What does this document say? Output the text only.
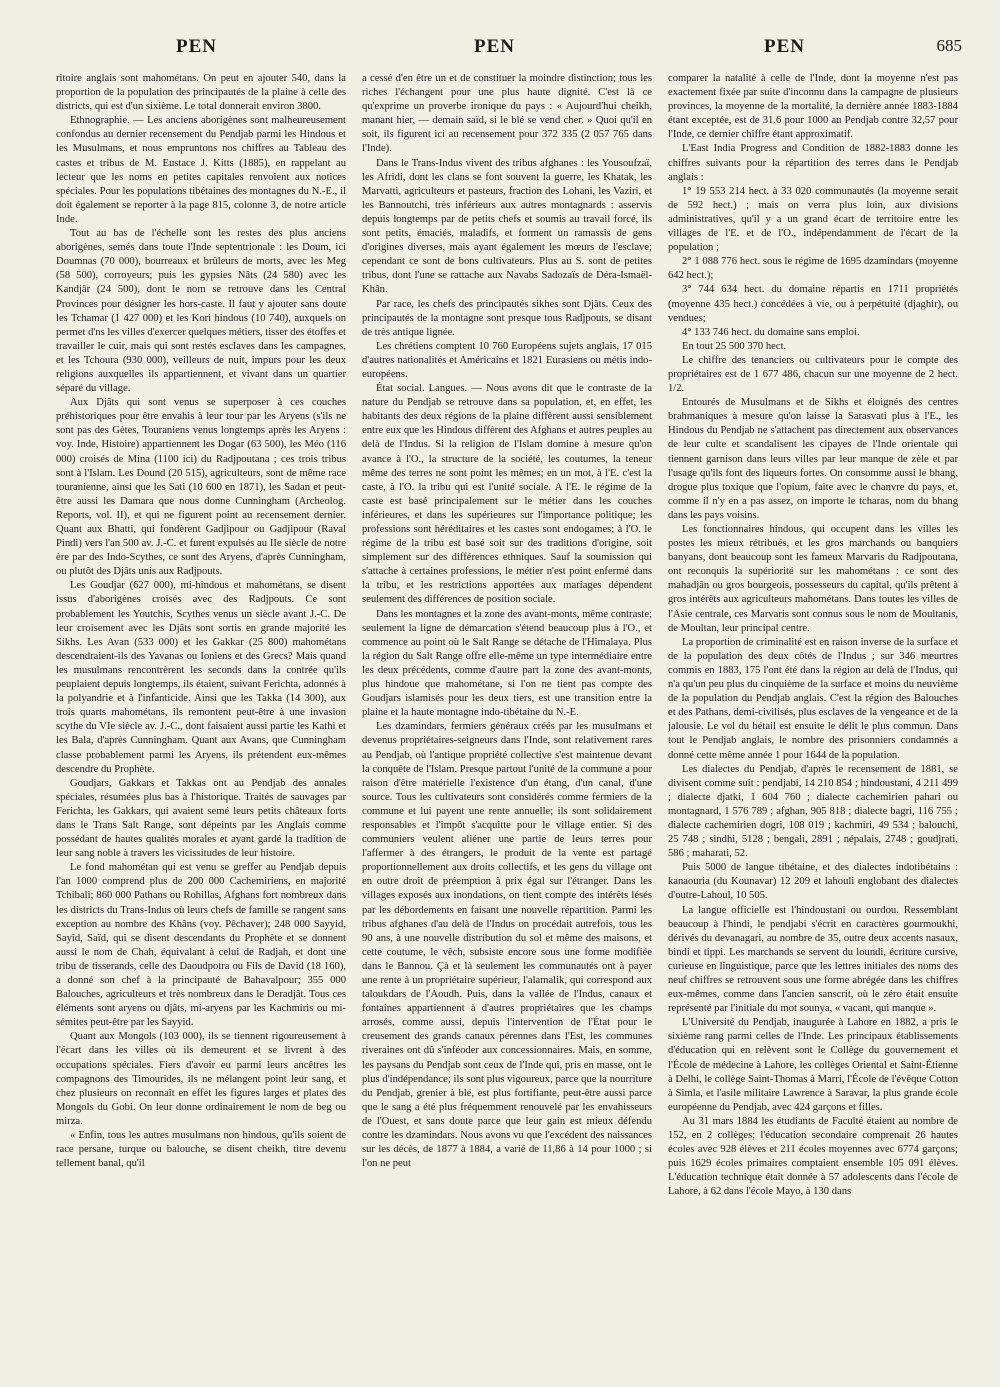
PEN	PEN	PEN	685

ritoire anglais sont mahométans. On peut en ajouter 540, dans la proportion de la population des principautés de la plaine à celle des districts, qui est d'un sixième. Le total donnerait environ 3800.

Ethnographie. — Les anciens aborigènes sont malheureusement confondus au dernier recensement du Pendjab parmi les Hindous et les Musulmans, et nous empruntons nos chiffres au Tableau des castes et tribus de M. Eustace J. Kitts (1885), en rappelant au lecteur que les noms en petites capitales renvoient aux notices spéciales. Pour les populations tibétaines des montagnes du N.-E., il doit également se reporter à la page 815, colonne 3, de notre article Inde.

Tout au bas de l'échelle sont les restes des plus anciens aborigènes, semés dans toute l'Inde septentrionale : les Doum, ici Doumnas (70 000), bourreaux et brûleurs de morts, avec les Meg (58 500), corroyeurs; puis les gypsies Nâts (24 580) avec les Kandjâr (24 500), dont le nom se retrouve dans les Central Provinces pour désigner les hors-caste. Il faut y ajouter sans doute les Tchamar (1 427 000) et les Kori hindous (10 740), auxquels on permet d'ns les villes d'exercer quelques métiers, tisser des étoffes et travailler le cuir, mais qui sont restés esclaves dans les campagnes, et les Tchoura (930 000), veilleurs de nuit, impurs pour les deux religions auxquelles ils appartiennent, et vivant dans un quartier séparé du village.

Aux Djâts qui sont venus se superposer à ces couches préhistoriques pour être envahis à leur tour par les Aryens (s'ils ne sont pas des Gètes, Touraniens venus longtemps après les Aryens : voy. Inde, Histoire) appartiennent les Dogar (63 500), les Méo (116 000) croisés de Mina (1100 ici) du Radjpoutana ; ces trois tribus sont à l'Islam. Les Dound (20 515), agriculteurs, sont de même race touranienne, ainsi que les Sati (10 600 en 1871), les Sadan et peut-être aussi les Damara que nous donne Cunningham (Archeolog. Reports, vol. II), et qui ne figurent point au recensement dernier. Quant aux Bhatti, qui fondèrent Gadjipour ou Gadjipour (Raval Pindi) vers l'an 500 av. J.-C. et furent expulsés au IIe siècle de notre ère par des Indo-Scythes, ce sont des Aryens, d'après Cunningham, ou plutôt des Djâts unis aux Radjpouts.

Les Goudjar (627 000), mi-hindous et mahométans, se disent issus d'aborigènes croisés avec des Radjpouts. Ce sont probablement les Youtchis, Scythes venus un siècle avant J.-C. De leur croisement avec les Djâts sont sortis en grande majorité les Sikhs. Les Avan (533 000) et les Gakkar (25 800) mahométans descendraient-ils des Yavanas ou Ioniens et des Grecs? Mais quand les musulmans rencontrèrent les seconds dans la contrée qu'ils peuplaient depuis longtemps, ils étaient, suivant Ferichta, adonnés à la polyandrie et à l'infanticide. Ainsi que les Takka (14 300), aux trois quarts mahométans, ils remontent peut-être à une invasion scythe du VIe siècle av. J.-C., dont faisaient aussi partie les Kathi et les Bala, d'après Cunningham. Quant aux Avans, que Cunningham classe probablement parmi les Aryens, ils prétendent eux-mêmes descendre du Prophète.

Goudjars, Gakkars et Takkas ont au Pendjab des annales spéciales, résumées plus bas à l'historique. Traités de sauvages par Ferichta, les Gakkars, qui avaient semé leurs petits châteaux forts dans le Trans Salt Range, sont dépeints par les Anglais comme possédant de hautes qualités morales et ayant gardé la tradition de leur sang noble à travers les vicissitudes de leur histoire.

Le fond mahométan qui est venu se greffer au Pendjab depuis l'an 1000 comprend plus de 200 000 Cachemiriens, en majorité Tchibali; 860 000 Pathans ou Rohillas, Afghans fort nombreux dans les districts du Trans-Indus où leurs chefs de famille se rangent sans exception au nombre des Khâns (voy. Pêchaver); 248 000 Sayyid, Sayîd, Saïd, qui se disent descendants du Prophète et se donnent aussi le nom de Chah, équivalant à celui de Radjah, et dont une tribu de tisserands, celle des Daoudpotra ou Fils de David (18 160), a donné son chef à la principauté de Bahavalpour; 355 000 Balouches, agriculteurs et très nombreux dans le Deradjât. Tous ces éléments sont aryens ou djâts, mi-aryens par les Kachmiris ou mi-sémites peut-être par les Sayyid.

Quant aux Mongols (103 000), ils se tiennent rigoureusement à l'écart dans les villes où ils demeurent et se livrent à des occupations spéciales. Fiers d'avoir eu parmi leurs ancêtres les compagnons des Timourides, ils ne mélangent point leur sang, et chez plusieurs on reconnaît en effet les figures larges et plates des Mongols du Gobi. On leur donne ordinairement le nom de beg ou mirza.

« Enfin, tous les autres musulmans non hindous, qu'ils soient de race persane, turque ou balouche, se disent cheikh, titre devenu tellement banal, qu'il

a cessé d'en être un et de constituer la moindre distinction; tous les riches l'échangent pour une plus haute dignité. C'est là ce qu'exprime un proverbe ironique du pays : « Aujourd'hui cheikh, manant hier, — demain saïd, si le blé se vend cher. » Quoi qu'il en soit, ils figurent ici au recensement pour 372 335 (2 057 765 dans l'Inde).

Dans le Trans-Indus vivent des tribus afghanes : les Yousoufzaï, les Afridi, dont les clans se font souvent la guerre, les Khatak, les Marvatti, agriculteurs et pasteurs, fraction des Lohani, les Vaziri, et les Bannoutchi, très inférieurs aux autres montagnards : asservis depuis longtemps par de petits chefs et soumis au travail forcé, ils sont petits, émaciés, maladifs, et forment un ramassis de gens d'origines diverses, mais ayant également les mœurs de l'esclave; cependant ce sont de bons cultivateurs. Plus au S. sont de petites tribus, dont l'une se rattache aux Navabs Sadozaïs de Déra-Ismaël-Khân.

Par race, les chefs des principautés sikhes sont Djâts. Ceux des principautés de la montagne sont presque tous Radjpouts, se disant de très antique lignée.

Les chrétiens comptent 10 760 Européens sujets anglais, 17 015 d'autres nationalités et Américains et 1821 Eurasiens ou métis indo-européens.

État social. Langues. — Nous avons dit que le contraste de la nature du Pendjab se retrouve dans sa population, et, en effet, les habitants des deux régions de la plaine diffèrent aussi sensiblement entre eux que les Hindous diffèrent des Afghans et autres peuples au delà de l'Indus. Si la religion de l'Islam domine à mesure qu'on avance à l'O., la structure de la société, les coutumes, la teneur même des terres ne sont point les mêmes; en un mot, à l'E. c'est la caste, à l'O. la tribu qui est l'unité sociale. A l'E. le régime de la caste est basé principalement sur le métier dans les couches inférieures, et dans les supérieures sur l'importance politique; les professions sont héréditaires et les castes sont endogames; à l'O. le régime de la tribu est basé soit sur des traditions d'origine, soit simplement sur des différences ethniques. Sauf la soumission qui s'attache à certaines professions, le métier n'est point enfermé dans la tribu, et les restrictions apportées aux mariages dépendent seulement des différences de position sociale.

Dans les montagnes et la zone des avant-monts, même contraste; seulement la ligne de démarcation s'étend beaucoup plus à l'O., et commence au point où le Salt Range se détache de l'Himalaya. Plus la région du Salt Range offre elle-même un type intermédiaire entre les deux précédents, comme d'autre part la zone des avant-monts, plus hindoue que mahométane, si l'on ne tient pas compte des Goudjars islamisés pour les deux tiers, est une transition entre la plaine et la haute montagne indo-tibétaine du N.-E.

Les dzamindars, fermiers généraux créés par les musulmans et devenus propriétaires-seigneurs dans l'Inde, sont relativement rares au Pendjab, où l'antique propriété collective s'est maintenue devant la conquête de l'Islam. Presque partout l'unité de la commune a pour raison d'être matérielle l'existence d'un étang, d'un canal, d'une source. Tous les cultivateurs sont considérés comme fermiers de la commune et lui payent une rente annuelle; ils sont solidairement responsables et l'impôt s'acquitte pour le village entier. Si des communiers veulent aliéner une partie de leurs terres pour l'affermer à des étrangers, le produit de la vente est partagé proportionnellement aux droits collectifs, et les gens du village ont en outre droit de préemption à prix égal sur l'étranger. Dans les villages exposés aux inondations, on tient compte des intérêts lésés par les débordements en faisant une nouvelle répartition. Parmi les tribus afghanes d'au delà de l'Indus on procédait autrefois, tous les 90 ans, à une nouvelle distribution du sol et même des maisons, et cette coutume, le vêch, subsiste encore sous une forme modifiée dans le Bannou. Çà et là seulement les communautés ont à payer une rente à un propriétaire supérieur, l'alamalik, qui correspond aux taloukdars de l'Aoudh. Puis, dans la vallée de l'Indus, canaux et fontaines appartiennent à d'autres propriétaires que les champs arrosés, comme aussi, depuis l'intervention de l'État pour le creusement des grands canaux pérennes dans l'Est, les communes riveraines ont dû s'inféoder aux concessionnaires. Mais, en somme, les paysans du Pendjab sont ceux de l'Inde qui, pris en masse, ont le plus d'indépendance; ils sont plus vigoureux, parce que la nourriture du Pendjab, grenier à blé, est plus fortifiante, peut-être aussi parce que le sang a été plus fréquemment renouvelé par les envahisseurs de l'Ouest, et sans doute parce que leur gain est mieux défendu contre les dzamindars. Nous avons vu que l'excédent des naissances sur les décès, de 1877 à 1884, a varié de 11,86 à 14 pour 1000 ; si l'on ne peut

comparer la natalité à celle de l'Inde, dont la moyenne n'est pas exactement fixée par suite d'inconnu dans la campagne de plusieurs provinces, la moyenne de la mortalité, la dernière année 1883-1884 étant exceptée, est de 31.6 pour 1000 au Pendjab contre 32,57 pour l'Inde, ce dernier chiffre étant approximatif.

L'East India Progress and Condition de 1882-1883 donne les chiffres suivants pour la répartition des terres dans le Pendjab anglais :

1° 19 553 214 hect. à 33 020 communautés (la moyenne serait de 592 hect.) ; mais on verra plus loin, aux divisions administratives, qu'il y a un grand écart de territoire entre les villages de l'E. et de l'O., indépendamment de l'écart de la population ;

2° 1 088 776 hect. sous le régime de 1695 dzamindars (moyenne 642 hect.);

3° 744 634 hect. du domaine répartis en 1711 propriétés (moyenne 435 hect.) concédées à vie, ou à perpétuité (djaghir), ou vendues;

4° 133 746 hect. du domaine sans emploi.

En tout 25 500 370 hect.

Le chiffre des tenanciers ou cultivateurs pour le compte des propriétaires est de 1 677 486, chacun sur une moyenne de 2 hect. 1/2.

Entourés de Musulmans et de Sikhs et éloignés des centres brahmaniques à mesure qu'on laisse la Sarasvati plus à l'E., les Hindous du Pendjab ne s'attachent pas directement aux observances de leur culte et scandalisent les cipayes de l'Inde orientale qui tiennent garnison dans leurs villes par leur manque de zèle et par l'usage qu'ils font des liqueurs fortes. On consomme aussi le bhang, drogue plus toxique que l'opium, faite avec le chanvre du pays, et, comme il n'y en a pas assez, on importe le tcharas, nom du bhang dans les pays voisins.

Les fonctionnaires hindous, qui occupent dans les villes les postes les mieux rétribués, et les gros marchands ou banquiers banyans, dont beaucoup sont les fameux Marvaris du Radjpoutana, ont reconquis la supériorité sur les mahométans : ce sont des mahadjân ou gros bourgeois, possesseurs du capital, qu'ils prêtent à gros intérêts aux agriculteurs mahométans. Dans toutes les villes de l'Asie centrale, ces Marvaris sont connus sous le nom de Moultanis, de Moultan, leur principal centre.

La proportion de criminalité est en raison inverse de la surface et de la population des deux côtés de l'Indus ; sur 346 meurtres commis en 1883, 175 l'ont été dans la région au delà de l'Indus, qui n'a qu'un peu plus du cinquième de la surface et moins du neuvième de la population du Pendjab anglais. C'est la région des Balouches et des Pathans, demi-civilisés, plus esclaves de la vengeance et de la jalousie. Le vol du bétail est ensuite le délit le plus commun. Dans tout le Pendjab anglais, le nombre des prisonniers condamnés a donné cette même année 1 pour 1644 de la population.

Les dialectes du Pendjab, d'après le recensement de 1881, se divisent comme suit : pendjabi, 14 210 854 ; hindoustani, 4 211 499 ; dialecte djatki, 1 604 760 ; dialecte cachemirien pahari ou montagnard, 1 576 789 ; afghan, 905 818 ; dialecte bagri, 116 755 ; dialecte cachemirien dogri, 108 019 ; kachmiri, 49 534 ; balouchi, 25 748 ; sindhi, 5128 ; bengali, 2891 ; népalais, 2748 ; goudjrati, 586 ; maharati, 52.

Puis 5000 de langue tibétaine, et des dialectes indotibétains : kanaouria (du Kounavar) 12 209 et lahouli englobant des dialectes d'outre-Lahoul, 10 505.

La langue officielle est l'hindoustani ou ourdou. Ressemblant beaucoup à l'hindi, le pendjabi s'écrit en caractères gourmoukhi, dérivés du devanagari, au nombre de 35, outre deux accents nasaux, bindi et tippi. Les marchands se servent du loundi, écriture cursive, curieuse en linguistique, parce que les lettres initiales des noms des neuf chiffres se retrouvent sous une forme abrégée dans les chiffres eux-mêmes, comme dans l'ancien sanscrit, où le zéro était ensuite représenté par l'initiale du mot sounya, « vacant, qui manque ».

L'Université du Pendjab, inaugurée à Lahore en 1882, a pris le sixième rang parmi celles de l'Inde. Les principaux établissements d'éducation qui en relèvent sont le Collège du gouvernement et l'École de médecine à Lahore, les collèges Oriental et Saint-Étienne à Delhi, le collège Saint-Thomas à Marri, l'École de l'évêque Cotton à Simla, et l'asile militaire Lawrence à Saravar, la plus grande école européenne du Pendjab, avec 424 garçons et filles.

Au 31 mars 1884 les étudiants de Faculté étaient au nombre de 152, en 2 collèges; l'éducation secondaire comprenait 26 hautes écoles avec 928 élèves et 211 écoles moyennes avec 6774 garçons; puis 1629 écoles primaires comptaient ensemble 105 091 élèves. L'éducation technique était donnée à 57 adolescents dans l'école de Lahore, à 62 dans l'école Mayo, à 130 dans
